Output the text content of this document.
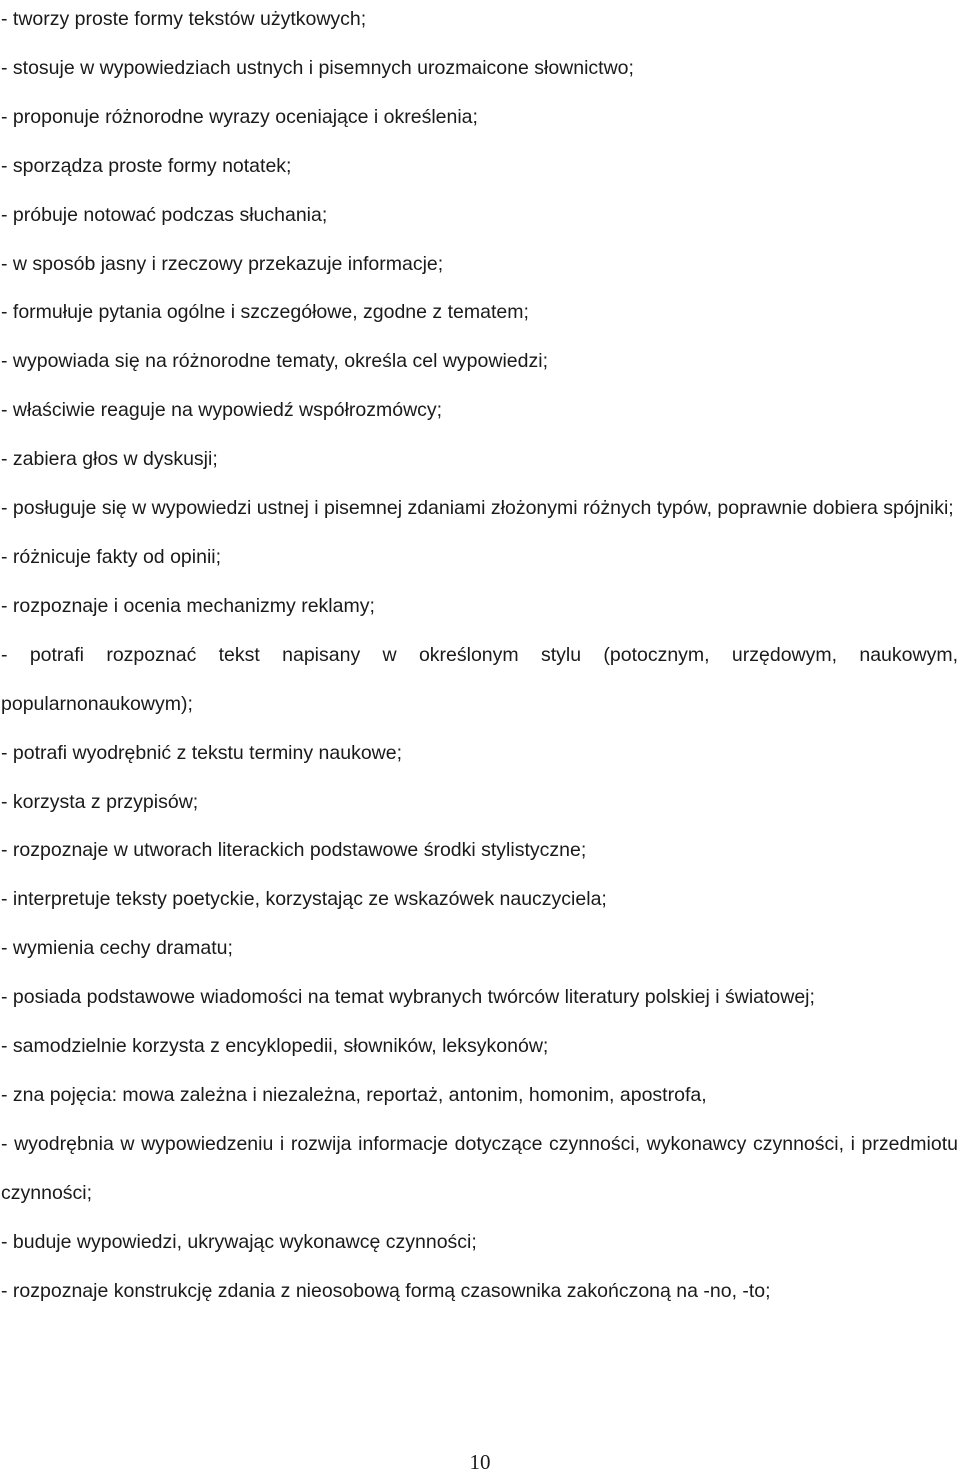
- tworzy proste formy tekstów użytkowych;

- stosuje w wypowiedziach ustnych i pisemnych urozmaicone słownictwo;

- proponuje różnorodne wyrazy oceniające i określenia;

- sporządza proste formy notatek;

- próbuje notować podczas słuchania;

- w sposób jasny i rzeczowy przekazuje informacje;

- formułuje pytania ogólne i szczegółowe, zgodne z tematem;

- wypowiada się na różnorodne tematy, określa cel wypowiedzi;

- właściwie reaguje na wypowiedź współrozmówcy;

- zabiera głos w dyskusji;

- posługuje się w wypowiedzi ustnej i pisemnej zdaniami złożonymi różnych typów, poprawnie dobiera spójniki;

- różnicuje fakty od opinii;

- rozpoznaje i ocenia mechanizmy reklamy;

- potrafi rozpoznać tekst napisany w określonym stylu (potocznym, urzędowym, naukowym, popularnonaukowym);

- potrafi wyodrębnić z tekstu terminy naukowe;

- korzysta z przypisów;

- rozpoznaje w utworach literackich podstawowe środki stylistyczne;

- interpretuje teksty poetyckie, korzystając ze wskazówek nauczyciela;

- wymienia cechy dramatu;

- posiada podstawowe wiadomości na temat wybranych twórców literatury polskiej i światowej;

- samodzielnie korzysta z encyklopedii, słowników, leksykonów;

- zna pojęcia: mowa zależna i niezależna, reportaż, antonim, homonim, apostrofa,

- wyodrębnia w wypowiedzeniu i rozwija informacje dotyczące czynności, wykonawcy czynności, i przedmiotu czynności;

- buduje wypowiedzi, ukrywając wykonawcę czynności;

- rozpoznaje konstrukcję zdania z nieosobową formą czasownika zakończoną na -no, -to;

10
